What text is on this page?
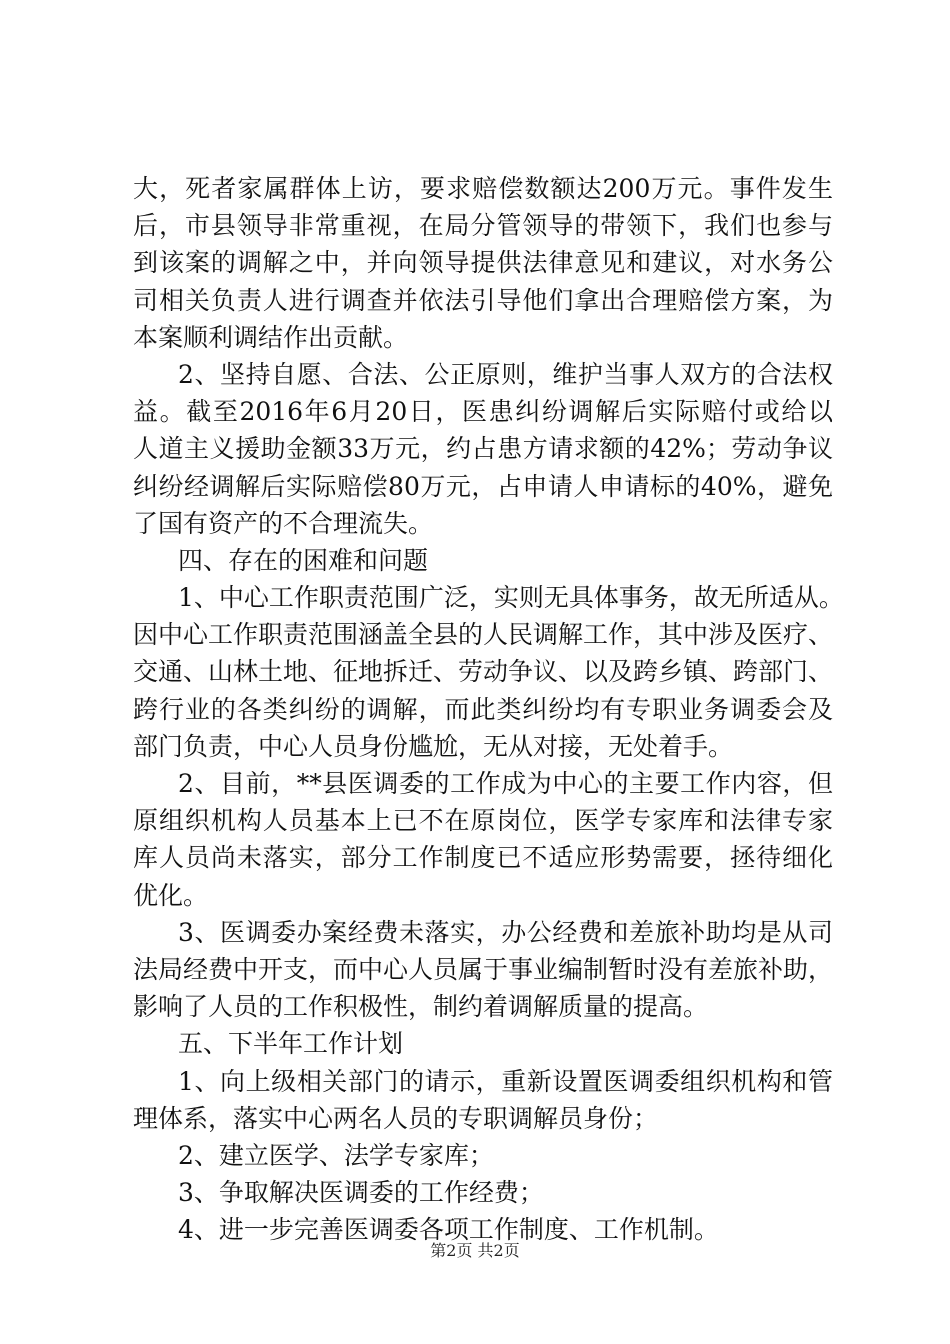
大，死者家属群体上访，要求赔偿数额达200万元。事件发生
后，市县领导非常重视，在局分管领导的带领下，我们也参与
到该案的调解之中，并向领导提供法律意见和建议，对水务公
司相关负责人进行调查并依法引导他们拿出合理赔偿方案，为
本案顺利调结作出贡献。
2、坚持自愿、合法、公正原则，维护当事人双方的合法权
益。截至2016年6月20日，医患纠纷调解后实际赔付或给以
人道主义援助金额33万元，约占患方请求额的42%；劳动争议
纠纷经调解后实际赔偿80万元，占申请人申请标的40%，避免
了国有资产的不合理流失。
四、存在的困难和问题
1、中心工作职责范围广泛，实则无具体事务，故无所适从。
因中心工作职责范围涵盖全县的人民调解工作，其中涉及医疗、
交通、山林土地、征地拆迁、劳动争议、以及跨乡镇、跨部门、
跨行业的各类纠纷的调解，而此类纠纷均有专职业务调委会及
部门负责，中心人员身份尴尬，无从对接，无处着手。
2、目前，**县医调委的工作成为中心的主要工作内容，但
原组织机构人员基本上已不在原岗位，医学专家库和法律专家
库人员尚未落实，部分工作制度已不适应形势需要，拯待细化
优化。
3、医调委办案经费未落实，办公经费和差旅补助均是从司
法局经费中开支，而中心人员属于事业编制暂时没有差旅补助，
影响了人员的工作积极性，制约着调解质量的提高。
五、下半年工作计划
1、向上级相关部门的请示，重新设置医调委组织机构和管
理体系，落实中心两名人员的专职调解员身份；
2、建立医学、法学专家库；
3、争取解决医调委的工作经费；
4、进一步完善医调委各项工作制度、工作机制。
第2页 共2页
